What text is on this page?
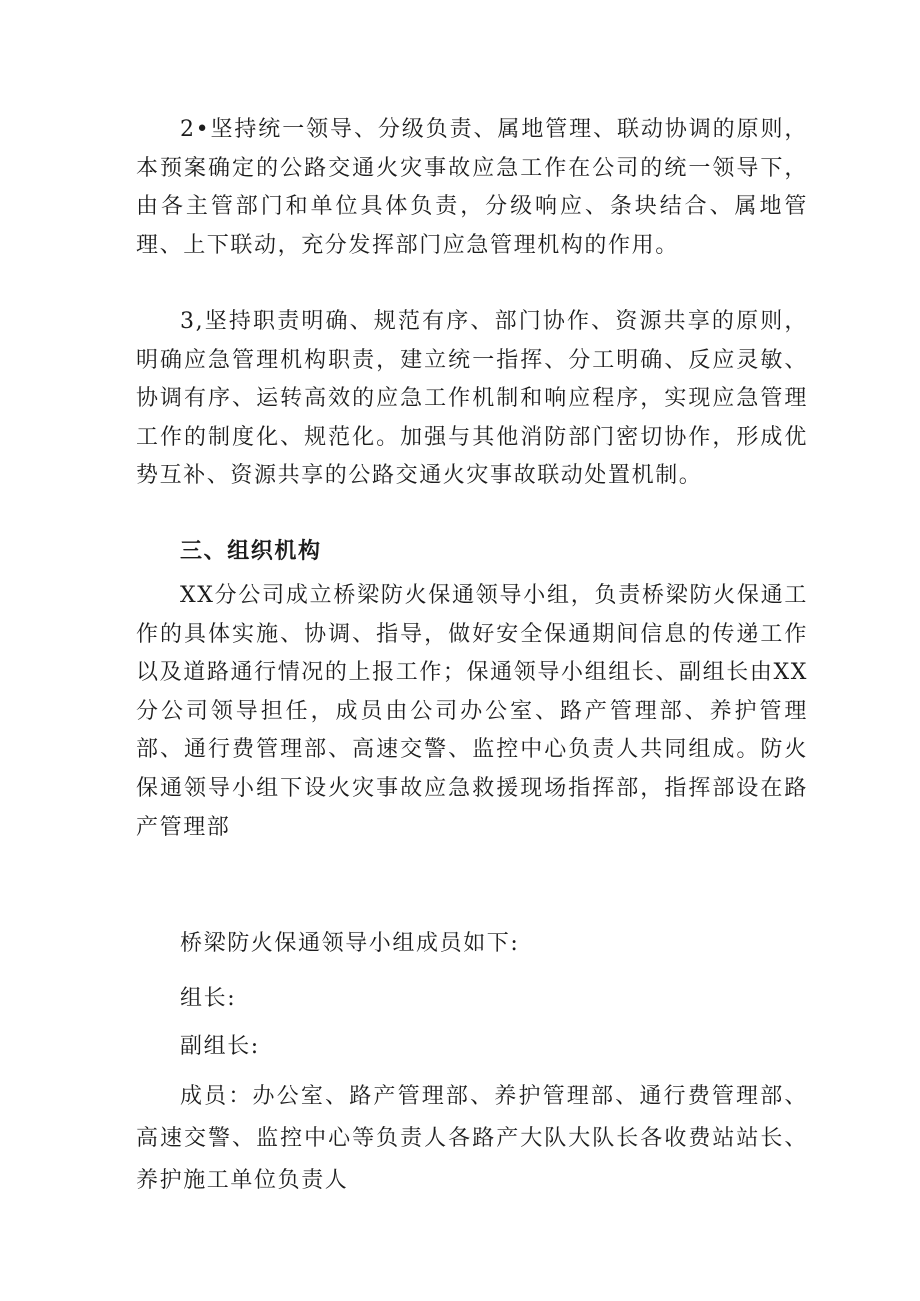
2•坚持统一领导、分级负责、属地管理、联动协调的原则，本预案确定的公路交通火灾事故应急工作在公司的统一领导下，由各主管部门和单位具体负责，分级响应、条块结合、属地管理、上下联动，充分发挥部门应急管理机构的作用。

3,坚持职责明确、规范有序、部门协作、资源共享的原则，明确应急管理机构职责，建立统一指挥、分工明确、反应灵敏、协调有序、运转高效的应急工作机制和响应程序，实现应急管理工作的制度化、规范化。加强与其他消防部门密切协作，形成优势互补、资源共享的公路交通火灾事故联动处置机制。

三、组织机构

XX分公司成立桥梁防火保通领导小组，负责桥梁防火保通工作的具体实施、协调、指导，做好安全保通期间信息的传递工作以及道路通行情况的上报工作；保通领导小组组长、副组长由XX分公司领导担任，成员由公司办公室、路产管理部、养护管理部、通行费管理部、高速交警、监控中心负责人共同组成。防火保通领导小组下设火灾事故应急救援现场指挥部，指挥部设在路产管理部

桥梁防火保通领导小组成员如下:

组长:

副组长:

成员：办公室、路产管理部、养护管理部、通行费管理部、高速交警、监控中心等负责人各路产大队大队长各收费站站长、养护施工单位负责人
